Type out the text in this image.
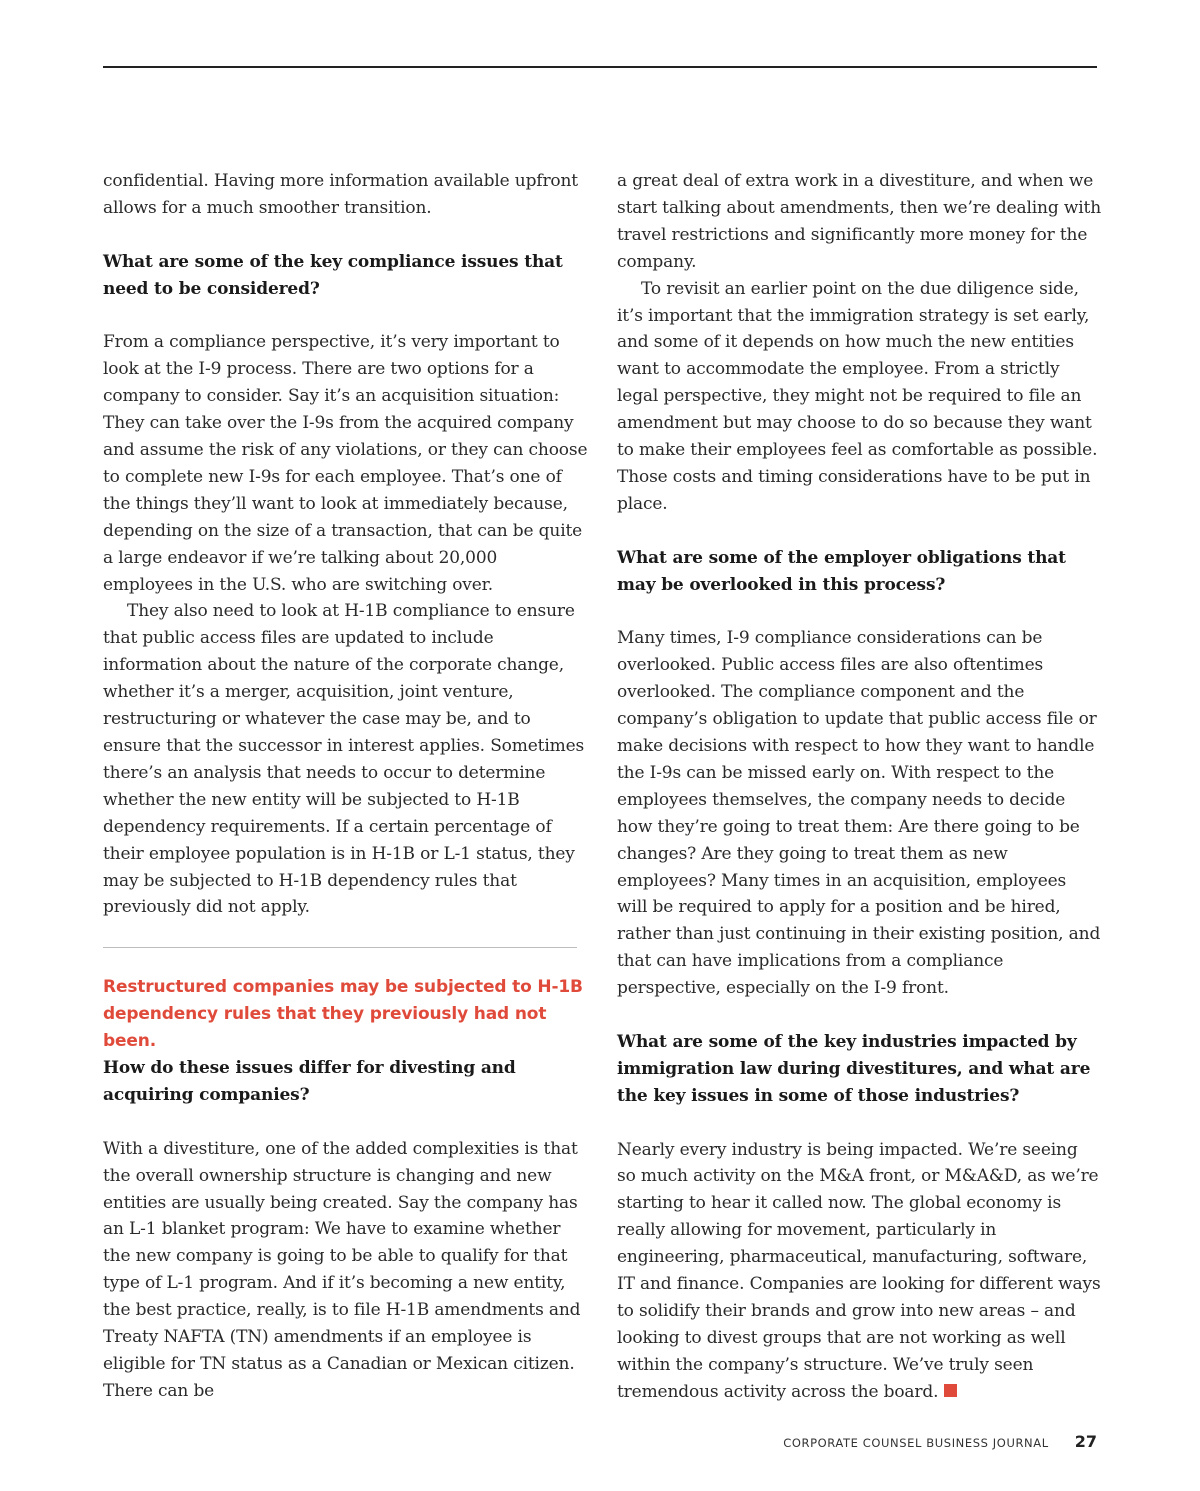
confidential. Having more information available upfront allows for a much smoother transition.

What are some of the key compliance issues that need to be considered?

From a compliance perspective, it’s very important to look at the I-9 process. There are two options for a company to consider. Say it’s an acquisition situation: They can take over the I-9s from the acquired company and assume the risk of any violations, or they can choose to complete new I-9s for each employee. That’s one of the things they’ll want to look at immediately because, depending on the size of a transaction, that can be quite a large endeavor if we’re talking about 20,000 employees in the U.S. who are switching over.

They also need to look at H-1B compliance to ensure that public access files are updated to include information about the nature of the corporate change, whether it’s a merger, acquisition, joint venture, restructuring or whatever the case may be, and to ensure that the successor in interest applies. Sometimes there’s an analysis that needs to occur to determine whether the new entity will be subjected to H-1B dependency requirements. If a certain percentage of their employee population is in H-1B or L-1 status, they may be subjected to H-1B dependency rules that previously did not apply.

Restructured companies may be subjected to H-1B dependency rules that they previously had not been.

How do these issues differ for divesting and acquiring companies?

With a divestiture, one of the added complexities is that the overall ownership structure is changing and new entities are usually being created. Say the company has an L-1 blanket program: We have to examine whether the new company is going to be able to qualify for that type of L-1 program. And if it’s becoming a new entity, the best practice, really, is to file H-1B amendments and Treaty NAFTA (TN) amendments if an employee is eligible for TN status as a Canadian or Mexican citizen. There can be

a great deal of extra work in a divestiture, and when we start talking about amendments, then we’re dealing with travel restrictions and significantly more money for the company.

To revisit an earlier point on the due diligence side, it’s important that the immigration strategy is set early, and some of it depends on how much the new entities want to accommodate the employee. From a strictly legal perspective, they might not be required to file an amendment but may choose to do so because they want to make their employees feel as comfortable as possible. Those costs and timing considerations have to be put in place.

What are some of the employer obligations that may be overlooked in this process?

Many times, I-9 compliance considerations can be overlooked. Public access files are also oftentimes overlooked. The compliance component and the company’s obligation to update that public access file or make decisions with respect to how they want to handle the I-9s can be missed early on. With respect to the employees themselves, the company needs to decide how they’re going to treat them: Are there going to be changes? Are they going to treat them as new employees? Many times in an acquisition, employees will be required to apply for a position and be hired, rather than just continuing in their existing position, and that can have implications from a compliance perspective, especially on the I-9 front.

What are some of the key industries impacted by immigration law during divestitures, and what are the key issues in some of those industries?

Nearly every industry is being impacted. We’re seeing so much activity on the M&A front, or M&A&D, as we’re starting to hear it called now. The global economy is really allowing for movement, particularly in engineering, pharmaceutical, manufacturing, software, IT and finance. Companies are looking for different ways to solidify their brands and grow into new areas – and looking to divest groups that are not working as well within the company’s structure. We’ve truly seen tremendous activity across the board.

CORPORATE COUNSEL BUSINESS JOURNAL 27
